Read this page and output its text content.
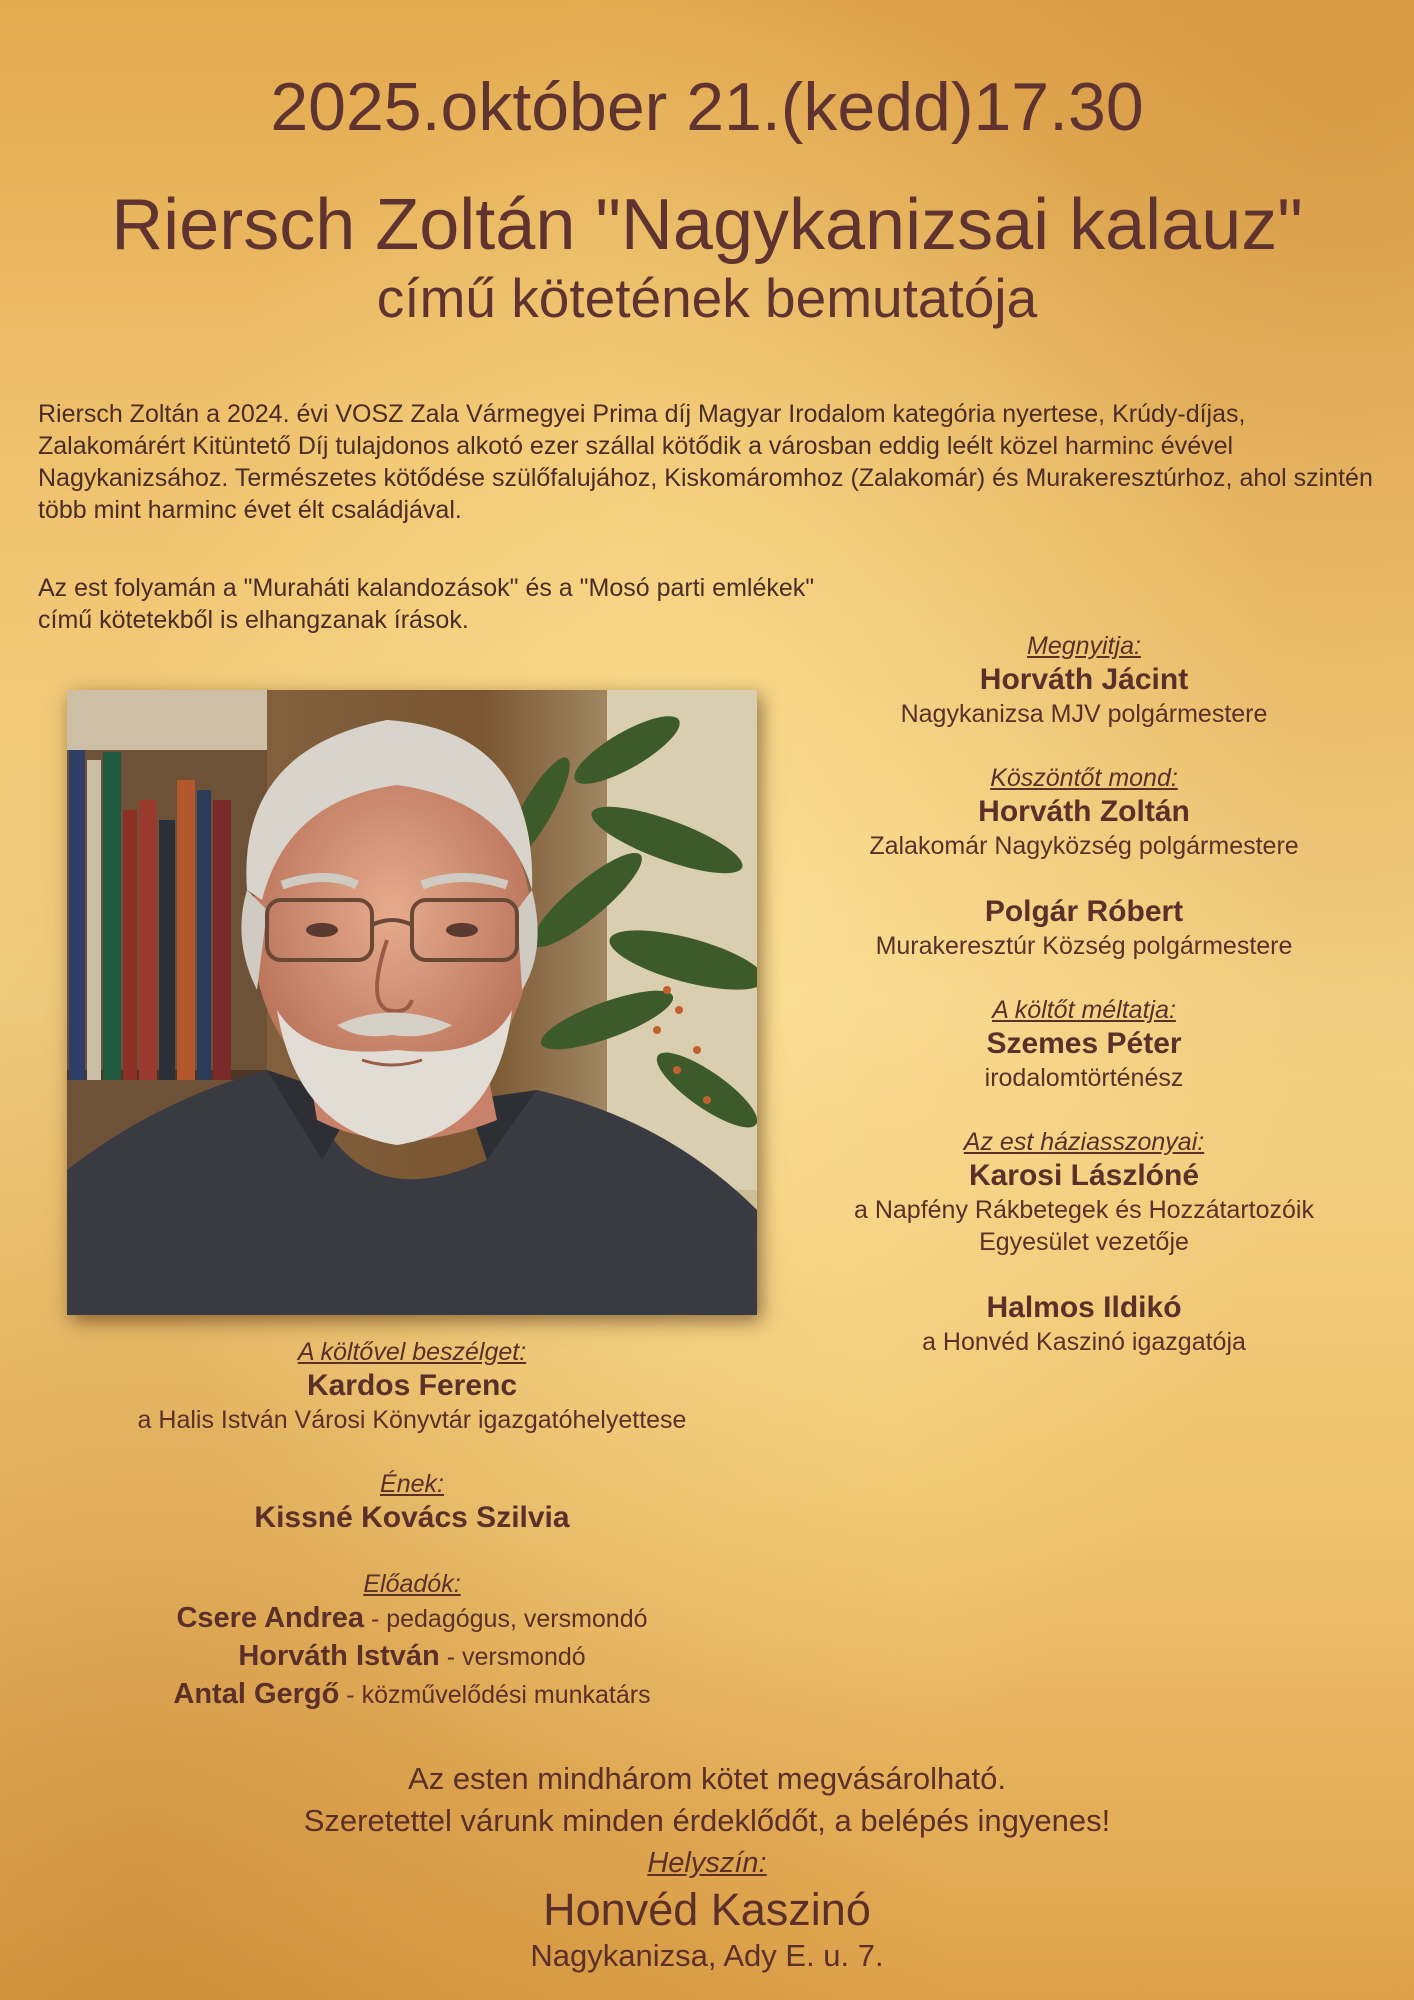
2025.október 21.(kedd)17.30
Riersch Zoltán "Nagykanizsai kalauz"
című kötetének bemutatója

Riersch Zoltán a 2024. évi VOSZ Zala Vármegyei Prima díj Magyar Irodalom kategória nyertese, Krúdy-díjas, Zalakomárért Kitüntető Díj tulajdonos alkotó ezer szállal kötődik a városban eddig leélt közel harminc évével Nagykanizsához. Természetes kötődése szülőfalujához, Kiskomáromhoz (Zalakomár) és Murakeresztúrhoz, ahol szintén több mint harminc évet élt családjával.

Az est folyamán a "Muraháti kalandozások" és a "Mosó parti emlékek"
című kötetekből is elhangzanak írások.
Megnyitja:
Horváth Jácint
Nagykanizsa MJV polgármestere
Köszöntőt mond:
Horváth Zoltán
Zalakomár Nagyközség polgármestere
Polgár Róbert
Murakeresztúr Község polgármestere
A költőt méltatja:
Szemes Péter
irodalomtörténész
Az est háziasszonyai:
Karosi Lászlóné
a Napfény Rákbetegek és Hozzátartozóik
Egyesület vezetője
Halmos Ildikó
a Honvéd Kaszinó igazgatója
A költővel beszélget:
Kardos Ferenc
a Halis István Városi Könyvtár igazgatóhelyettese
Ének:
Kissné Kovács Szilvia
Előadók:
Csere Andrea - pedagógus, versmondó
Horváth István - versmondó
Antal Gergő - közművelődési munkatárs
Az esten mindhárom kötet megvásárolható.
Szeretettel várunk minden érdeklődőt, a belépés ingyenes!
Helyszín:
Honvéd Kaszinó
Nagykanizsa, Ady E. u. 7.
